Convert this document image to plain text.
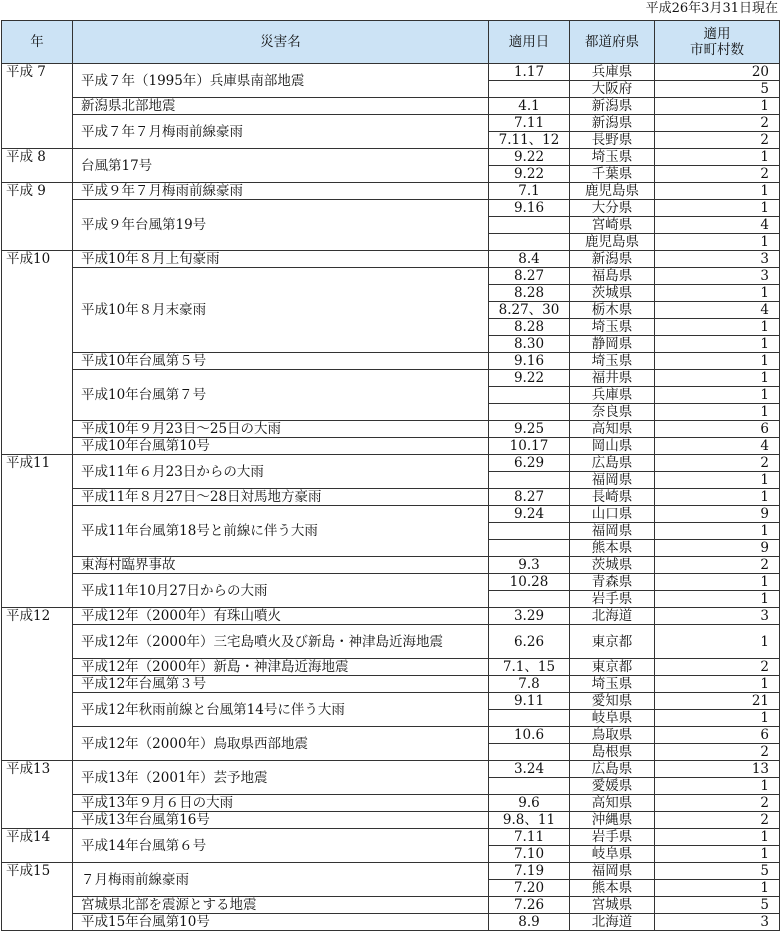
平成26年3月31日現在
年	災害名	適用日	都道府県	適用
市町村数
平成 7	平成７年（1995年）兵庫県南部地震	1.17	兵庫県	20
			大阪府	5
	新潟県北部地震	4.1	新潟県	1
	平成７年７月梅雨前線豪雨	7.11	新潟県	2
		7.11、12	長野県	2
平成 8	台風第17号	9.22	埼玉県	1
		9.22	千葉県	2
平成 9	平成９年７月梅雨前線豪雨	7.1	鹿児島県	1
	平成９年台風第19号	9.16	大分県	1
			宮崎県	4
			鹿児島県	1
平成10	平成10年８月上旬豪雨	8.4	新潟県	3
	平成10年８月末豪雨	8.27	福島県	3
		8.28	茨城県	1
		8.27、30	栃木県	4
		8.28	埼玉県	1
		8.30	静岡県	1
	平成10年台風第５号	9.16	埼玉県	1
	平成10年台風第７号	9.22	福井県	1
			兵庫県	1
			奈良県	1
	平成10年９月23日～25日の大雨	9.25	高知県	6
	平成10年台風第10号	10.17	岡山県	4
平成11	平成11年６月23日からの大雨	6.29	広島県	2
			福岡県	1
	平成11年８月27日～28日対馬地方豪雨	8.27	長崎県	1
	平成11年台風第18号と前線に伴う大雨	9.24	山口県	9
			福岡県	1
			熊本県	9
	東海村臨界事故	9.3	茨城県	2
	平成11年10月27日からの大雨	10.28	青森県	1
			岩手県	1
平成12	平成12年（2000年）有珠山噴火	3.29	北海道	3
	平成12年（2000年）三宅島噴火及び新島・神津島近海地震	6.26	東京都	1
	平成12年（2000年）新島・神津島近海地震	7.1、15	東京都	2
	平成12年台風第３号	7.8	埼玉県	1
	平成12年秋雨前線と台風第14号に伴う大雨	9.11	愛知県	21
			岐阜県	1
	平成12年（2000年）鳥取県西部地震	10.6	鳥取県	6
			島根県	2
平成13	平成13年（2001年）芸予地震	3.24	広島県	13
			愛媛県	1
	平成13年９月６日の大雨	9.6	高知県	2
	平成13年台風第16号	9.8、11	沖縄県	2
平成14	平成14年台風第６号	7.11	岩手県	1
		7.10	岐阜県	1
平成15	７月梅雨前線豪雨	7.19	福岡県	5
		7.20	熊本県	1
	宮城県北部を震源とする地震	7.26	宮城県	5
	平成15年台風第10号	8.9	北海道	3
